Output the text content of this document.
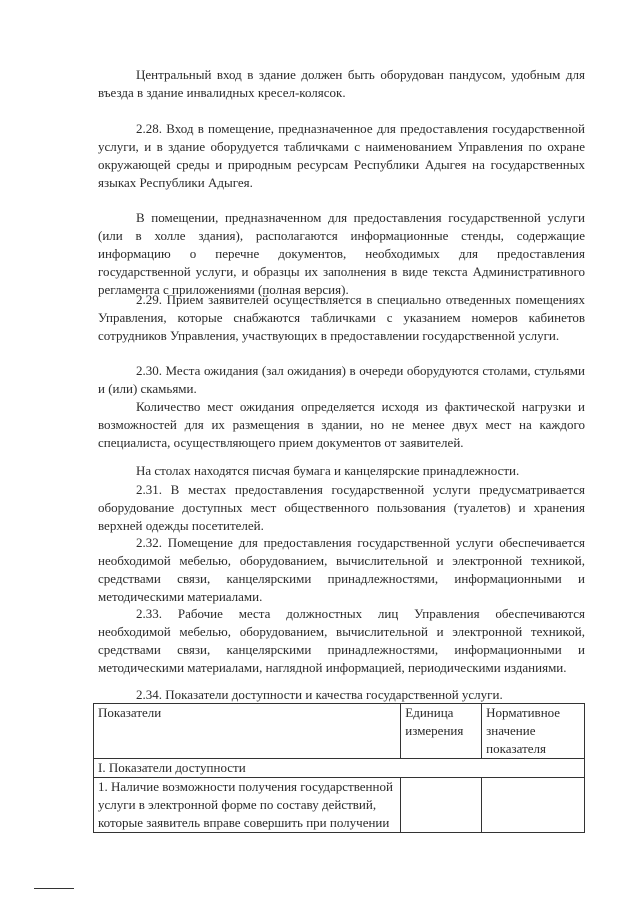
Центральный вход в здание должен быть оборудован пандусом, удобным для въезда в здание инвалидных кресел-колясок.

2.28. Вход в помещение, предназначенное для предоставления государственной услуги, и в здание оборудуется табличками с наименованием Управления по охране окружающей среды и природным ресурсам Республики Адыгея на государственных языках Республики Адыгея.

В помещении, предназначенном для предоставления государственной услуги (или в холле здания), располагаются информационные стенды, содержащие информацию о перечне документов, необходимых для предоставления государственной услуги, и образцы их заполнения в виде текста Административного регламента с приложениями (полная версия).

2.29. Прием заявителей осуществляется в специально отведенных помещениях Управления, которые снабжаются табличками с указанием номеров кабинетов сотрудников Управления, участвующих в предоставлении государственной услуги.

2.30. Места ожидания (зал ожидания) в очереди оборудуются столами, стульями и (или) скамьями.

Количество мест ожидания определяется исходя из фактической нагрузки и возможностей для их размещения в здании, но не менее двух мест на каждого специалиста, осуществляющего прием документов от заявителей.

На столах находятся писчая бумага и канцелярские принадлежности.

2.31. В местах предоставления государственной услуги предусматривается оборудование доступных мест общественного пользования (туалетов) и хранения верхней одежды посетителей.

2.32. Помещение для предоставления государственной услуги обеспечивается необходимой мебелью, оборудованием, вычислительной и электронной техникой, средствами связи, канцелярскими принадлежностями, информационными и методическими материалами.

2.33. Рабочие места должностных лиц Управления обеспечиваются необходимой мебелью, оборудованием, вычислительной и электронной техникой, средствами связи, канцелярскими принадлежностями, информационными и методическими материалами, наглядной информацией, периодическими изданиями.

2.34. Показатели доступности и качества государственной услуги.

Показатели	Единица измерения	Нормативное значение показателя
I. Показатели доступности		
1. Наличие возможности получения государственной услуги в электронной форме по составу действий, которые заявитель вправе совершить при получении		
